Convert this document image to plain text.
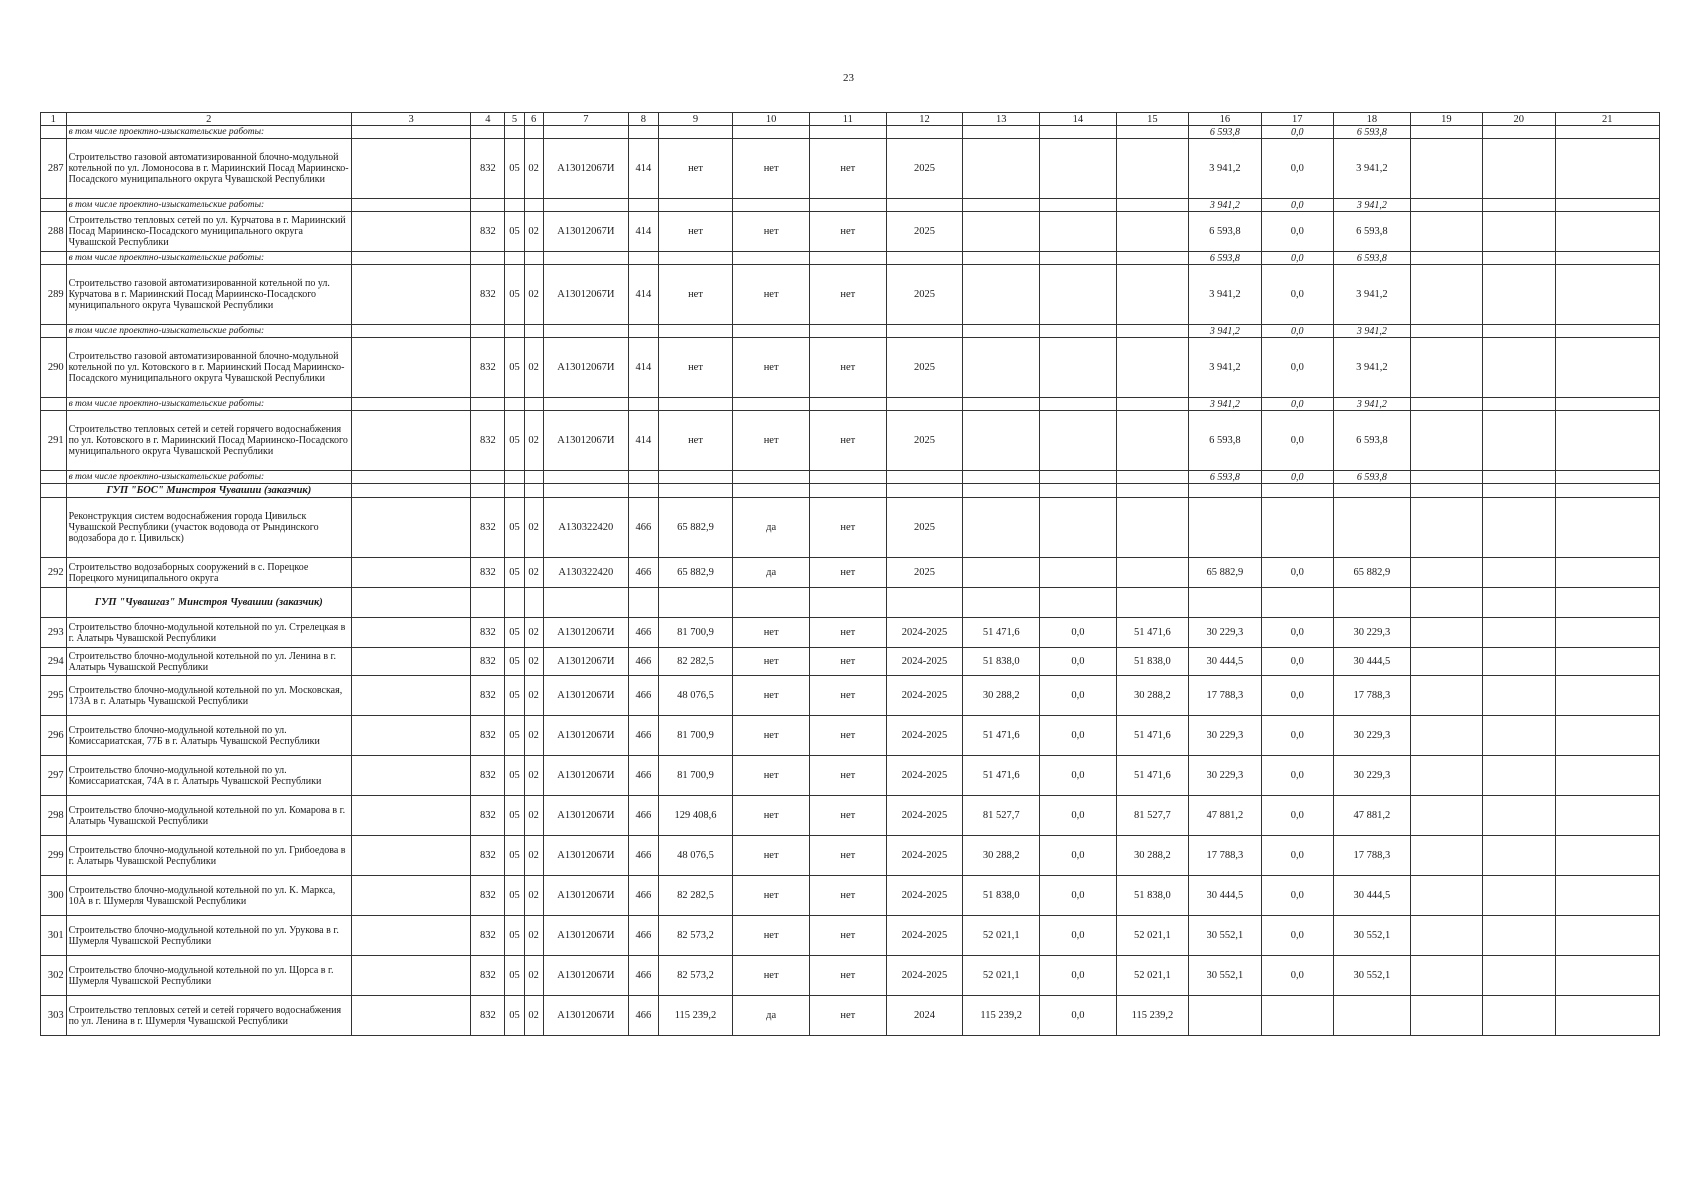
23
1	2	3	4	5	6	7	8	9	10	11	12	13	14	15	16	17	18	19	20	21
	в том числе проектно-изыскательские работы:														6 593,8	0,0	6 593,8			
287	Строительство газовой автоматизированной блочно-модульной котельной по ул. Ломоносова в г. Мариинский Посад Мариинско-Посадского муниципального округа Чувашской Республики		832	05	02	А13012067И	414	нет	нет	нет	2025				3 941,2	0,0	3 941,2			
	в том числе проектно-изыскательские работы:														3 941,2	0,0	3 941,2			
288	Строительство тепловых сетей по ул. Курчатова в г. Мариинский Посад Мариинско-Посадского муниципального округа Чувашской Республики		832	05	02	А13012067И	414	нет	нет	нет	2025				6 593,8	0,0	6 593,8			
	в том числе проектно-изыскательские работы:														6 593,8	0,0	6 593,8			
289	Строительство газовой автоматизированной котельной по ул. Курчатова в г. Мариинский Посад Мариинско-Посадского муниципального округа Чувашской Республики		832	05	02	А13012067И	414	нет	нет	нет	2025				3 941,2	0,0	3 941,2			
	в том числе проектно-изыскательские работы:														3 941,2	0,0	3 941,2			
290	Строительство газовой автоматизированной блочно-модульной котельной по ул. Котовского в г. Мариинский Посад Мариинско-Посадского муниципального округа Чувашской Республики		832	05	02	А13012067И	414	нет	нет	нет	2025				3 941,2	0,0	3 941,2			
	в том числе проектно-изыскательские работы:														3 941,2	0,0	3 941,2			
291	Строительство тепловых сетей и сетей горячего водоснабжения по ул. Котовского в г. Мариинский Посад Мариинско-Посадского муниципального округа Чувашской Республики		832	05	02	А13012067И	414	нет	нет	нет	2025				6 593,8	0,0	6 593,8			
	в том числе проектно-изыскательские работы:														6 593,8	0,0	6 593,8			
	ГУП "БОС" Минстроя Чувашии (заказчик)																			
	Реконструкция систем водоснабжения города Цивильск Чувашской Республики (участок водовода от Рындинского водозабора до г. Цивильск)		832	05	02	А130322420	466	65 882,9	да	нет	2025									
292	Строительство водозаборных сооружений в с. Порецкое Порецкого муниципального округа		832	05	02	А130322420	466	65 882,9	да	нет	2025				65 882,9	0,0	65 882,9			
	ГУП "Чувашгаз" Минстроя Чувашии (заказчик)																			
293	Строительство блочно-модульной котельной по ул. Стрелецкая в г. Алатырь Чувашской Республики		832	05	02	А13012067И	466	81 700,9	нет	нет	2024-2025	51 471,6	0,0	51 471,6	30 229,3	0,0	30 229,3			
294	Строительство блочно-модульной котельной по ул. Ленина в г. Алатырь Чувашской Республики		832	05	02	А13012067И	466	82 282,5	нет	нет	2024-2025	51 838,0	0,0	51 838,0	30 444,5	0,0	30 444,5			
295	Строительство блочно-модульной котельной по ул. Московская, 173А в г. Алатырь Чувашской Республики		832	05	02	А13012067И	466	48 076,5	нет	нет	2024-2025	30 288,2	0,0	30 288,2	17 788,3	0,0	17 788,3			
296	Строительство блочно-модульной котельной по ул. Комиссариатская, 77Б в г. Алатырь Чувашской Республики		832	05	02	А13012067И	466	81 700,9	нет	нет	2024-2025	51 471,6	0,0	51 471,6	30 229,3	0,0	30 229,3			
297	Строительство блочно-модульной котельной по ул. Комиссариатская, 74А в г. Алатырь Чувашской Республики		832	05	02	А13012067И	466	81 700,9	нет	нет	2024-2025	51 471,6	0,0	51 471,6	30 229,3	0,0	30 229,3			
298	Строительство блочно-модульной котельной по ул. Комарова в г. Алатырь Чувашской Республики		832	05	02	А13012067И	466	129 408,6	нет	нет	2024-2025	81 527,7	0,0	81 527,7	47 881,2	0,0	47 881,2			
299	Строительство блочно-модульной котельной по ул. Грибоедова в г. Алатырь Чувашской Республики		832	05	02	А13012067И	466	48 076,5	нет	нет	2024-2025	30 288,2	0,0	30 288,2	17 788,3	0,0	17 788,3			
300	Строительство блочно-модульной котельной по ул. К. Маркса, 10А в г. Шумерля Чувашской Республики		832	05	02	А13012067И	466	82 282,5	нет	нет	2024-2025	51 838,0	0,0	51 838,0	30 444,5	0,0	30 444,5			
301	Строительство блочно-модульной котельной по ул. Урукова в г. Шумерля Чувашской Республики		832	05	02	А13012067И	466	82 573,2	нет	нет	2024-2025	52 021,1	0,0	52 021,1	30 552,1	0,0	30 552,1			
302	Строительство блочно-модульной котельной по ул. Щорса в г. Шумерля Чувашской Республики		832	05	02	А13012067И	466	82 573,2	нет	нет	2024-2025	52 021,1	0,0	52 021,1	30 552,1	0,0	30 552,1			
303	Строительство тепловых сетей и сетей горячего водоснабжения по ул. Ленина в г. Шумерля Чувашской Республики		832	05	02	А13012067И	466	115 239,2	да	нет	2024	115 239,2	0,0	115 239,2						
